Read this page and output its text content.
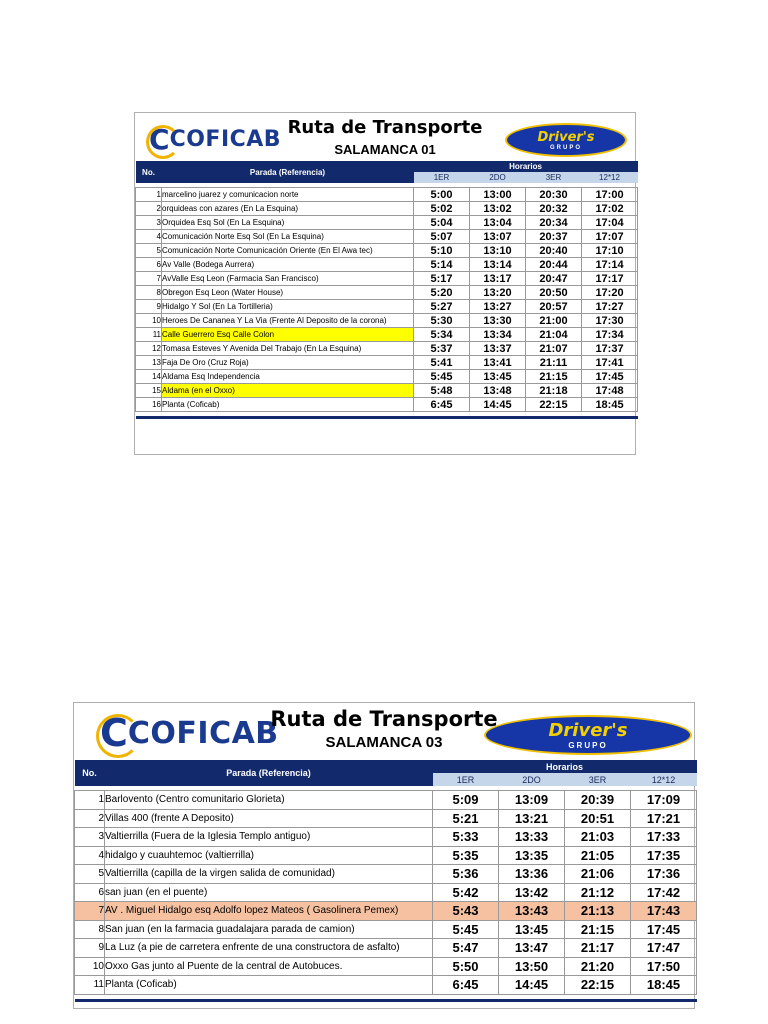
C COFICAB Ruta de Transporte
SALAMANCA 01
Driver's
GRUPO
No.	Parada (Referencia)	Horarios			
		1ER	2DO	3ER	12*12

1	marcelino juarez y comunicacion norte	5:00	13:00	20:30	17:00
2	orquideas con azares (En La Esquina)	5:02	13:02	20:32	17:02
3	Orquidea Esq Sol (En La Esquina)	5:04	13:04	20:34	17:04
4	Comunicación Norte Esq Sol (En La Esquina)	5:07	13:07	20:37	17:07
5	Comunicación Norte Comunicación Oriente (En El Awa tec)	5:10	13:10	20:40	17:10
6	Av Valle (Bodega Aurrera)	5:14	13:14	20:44	17:14
7	AvValle Esq Leon (Farmacia San Francisco)	5:17	13:17	20:47	17:17
8	Obregon Esq Leon (Water House)	5:20	13:20	20:50	17:20
9	Hidalgo Y Sol (En La Tortilleria)	5:27	13:27	20:57	17:27
10	Heroes De Cananea Y La Via (Frente Al Deposito de la corona)	5:30	13:30	21:00	17:30
11	Calle Guerrero Esq Calle Colon	5:34	13:34	21:04	17:34
12	Tomasa Esteves Y Avenida Del Trabajo (En La Esquina)	5:37	13:37	21:07	17:37
13	Faja De Oro (Cruz Roja)	5:41	13:41	21:11	17:41
14	Aldama Esq Independencia	5:45	13:45	21:15	17:45
15	Aldama (en el Oxxo)	5:48	13:48	21:18	17:48
16	Planta (Coficab)	6:45	14:45	22:15	18:45

C COFICAB
Ruta de Transporte
SALAMANCA 03
Driver's
GRUPO
No.	Parada (Referencia)	Horarios			
		1ER	2DO	3ER	12*12

1	Barlovento (Centro comunitario Glorieta)	5:09	13:09	20:39	17:09
2	Villas 400 (frente A Deposito)	5:21	13:21	20:51	17:21
3	Valtierrilla (Fuera de la Iglesia Templo antiguo)	5:33	13:33	21:03	17:33
4	hidalgo y cuauhtemoc (valtierrilla)	5:35	13:35	21:05	17:35
5	Valtierrilla (capilla de la virgen salida de comunidad)	5:36	13:36	21:06	17:36
6	san juan (en el puente)	5:42	13:42	21:12	17:42
7	AV . Miguel Hidalgo esq Adolfo lopez Mateos ( Gasolinera Pemex)	5:43	13:43	21:13	17:43
8	San juan (en la farmacia guadalajara parada de camion)	5:45	13:45	21:15	17:45
9	La Luz (a pie de carretera enfrente de una constructora de asfalto)	5:47	13:47	21:17	17:47
10	Oxxo Gas junto al Puente de la central de Autobuces.	5:50	13:50	21:20	17:50
11	Planta (Coficab)	6:45	14:45	22:15	18:45
